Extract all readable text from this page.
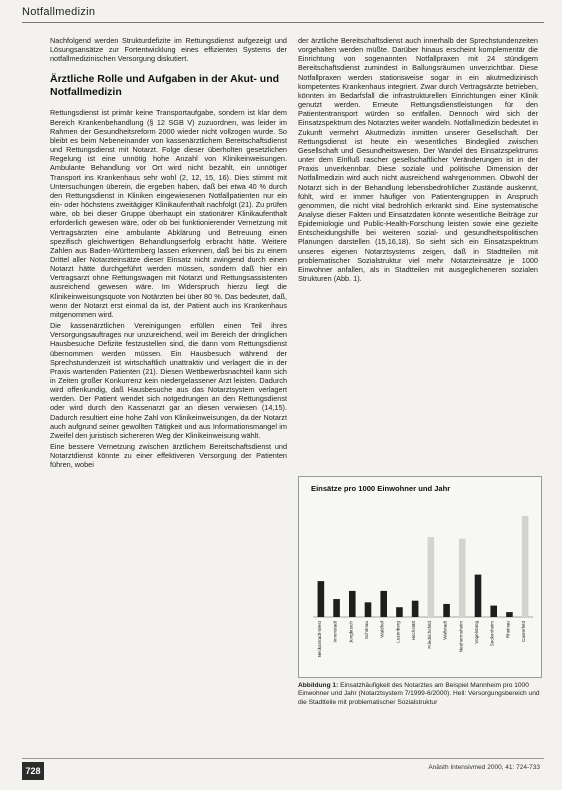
Notfallmedizin

Nachfolgend werden Strukturdefizite im Rettungsdienst aufgezeigt und Lösungsansätze zur Fortentwicklung eines effizienten Systems der notfallmedizinischen Versorgung diskutiert.

Ärztliche Rolle und Aufgaben in der Akut- und Notfallmedizin

Rettungsdienst ist primär keine Transportaufgabe, sondern ist klar dem Bereich Krankenbehandlung (§ 12 SGB V) zuzuordnen, was leider im Rahmen der Gesundheitsreform 2000 wieder nicht vollzogen wurde. So bleibt es beim Nebeneinander von kassenärztlichem Bereitschaftsdienst und Rettungsdienst mit Notarzt. Folge dieser überholten gesetzlichen Regelung ist eine unnötig hohe Anzahl von Klinikeinweisungen. Ambulante Behandlung vor Ort wird nicht bezahlt, ein unnötiger Transport ins Krankenhaus sehr wohl (2, 12, 15, 16). Dies stimmt mit Untersuchungen überein, die ergeben haben, daß bei etwa 40 % durch den Rettungsdienst in Kliniken eingewiesenen Notfallpatienten nur ein ein- oder höchstens zweitägiger Klinikaufenthalt nachfolgt (21). Zu prüfen wäre, ob bei dieser Gruppe überhaupt ein stationärer Klinikaufenthalt erforderlich gewesen wäre, oder ob bei funktionierender Vernetzung mit Vertragsärzten eine ambulante Abklärung und Betreuung einen spezifisch gleichwertigen Behandlungserfolg erbracht hätte. Weitere Zahlen aus Baden-Württemberg lassen erkennen, daß bei bis zu einem Drittel aller Notarzteinsätze dieser Einsatz nicht zwingend durch einen Notarzt hätte durchgeführt werden müssen, sondern daß hier ein Vertragsarzt ohne Rettungswagen mit Notarzt und Rettungsassistenten ausreichend gewesen wäre. Im Widerspruch hierzu liegt die Klinikeinweisungsquote von Notärzten bei über 80 %. Das bedeutet, daß, wenn der Notarzt erst einmal da ist, der Patient auch ins Krankenhaus mitgenommen wird.

Die kassenärztlichen Vereinigungen erfüllen einen Teil ihres Versorgungsauftrages nur unzureichend, weil im Bereich der dringlichen Hausbesuche Defizite festzustellen sind, die dann vom Rettungsdienst übernommen werden müssen. Ein Hausbesuch während der Sprechstundenzeit ist wirtschaftlich unattraktiv und verlagert die in der Praxis wartenden Patienten (21). Diesen Wettbewerbsnachteil kann sich in Zeiten großer Konkurrenz kein niedergelassener Arzt leisten. Dadurch wird offenkundig, daß Hausbesuche aus das Notarztsystem verlagert werden. Der Patient wendet sich notgedrungen an den Rettungsdienst oder wird durch den Kassenarzt gar an diesen verwiesen (14,15). Dadurch resultiert eine hohe Zahl von Klinikeinweisungen, da der Notarzt auch aufgrund seiner gewollten Tätigkeit und aus Informationsmangel im Zweifel den juristisch sichereren Weg der Klinikeinweisung wählt.

Eine bessere Vernetzung zwischen ärztlichem Bereitschaftsdienst und Notarztdienst könnte zu einer effektiveren Versorgung der Patienten führen, wobei

der ärztliche Bereitschaftsdienst auch innerhalb der Sprechstundenzeiten vorgehalten werden müßte. Darüber hinaus erscheint komplementär die Einrichtung von sogenannten Notfallpraxen mit 24 stündigem Bereitschaftsdienst zumindest in Ballungsräumen unverzichtbar. Diese Notfallpraxen werden stationsweise sogar in ein akutmedizinisch kompetentes Krankenhaus integriert. Zwar durch Vertragsärzte betrieben, könnten im Bedarfsfall die infrastrukturellen Einrichtungen einer Klinik genutzt werden. Erneute Rettungsdienstleistungen für den Patiententransport würden so entfallen. Dennoch wird sich der Einsatzspektrum des Notarztes weiter wandeln. Notfallmedizin bedeutet in Zukunft vermehrt Akutmedizin inmitten unserer Gesellschaft. Der Rettungsdienst ist heute ein wesentliches Bindeglied zwischen Gesellschaft und Gesundheitswesen. Der Wandel des Einsatzspektrums unter dem Einfluß rascher gesellschaftlicher Veränderungen ist in der Praxis unverkennbar. Diese soziale und politische Dimension der Notfallmedizin wird auch nicht ausreichend wahrgenommen. Obwohl der Notarzt sich in der Behandlung lebensbedrohlicher Zustände auskennt, fühlt, wird er immer häufiger von Patientengruppen in Anspruch genommen, die nicht vital bedrohlich erkrankt sind. Eine systematische Analyse dieser Fakten und Einsatzdaten könnte wesentliche Beiträge zur Epidemiologie und Public-Health-Forschung leisten sowie eine gezielte Entscheidungshilfe bei weiteren sozial- und gesundheitspolitischen Planungen darstellen (15,16,18). So sieht sich ein Einsatzspektrum unseres eigenen Notarztsystems zeigen, daß in Stadtteilen mit problematischer Sozialstruktur viel mehr Notarzteinsätze je 1000 Einwohner anfallen, als in Stadtteilen mit ausgeglicheneren sozialen Strukturen (Abb. 1).

Einsätze pro 1000 Einwohner und Jahr
Neckarstadt-West Innenstadt Jungbusch Schönau Waldhof Luzenberg Hochstätt Friedrichsfeld Wallstadt Neuhermsheim Vogelstang Seckenheim Rheinau Casterfeld
Abbildung 1: Einsatzhäufigkeit des Notarztes am Beispiel Mannheim pro 1000 Einwohner und Jahr (Notarztsystem 7/1999-6/2000). Hell: Versorgungsbereich und die Stadtteile mit problematischer Sozialstruktur
728	Anästh Intensivmed 2000, 41: 724-733
